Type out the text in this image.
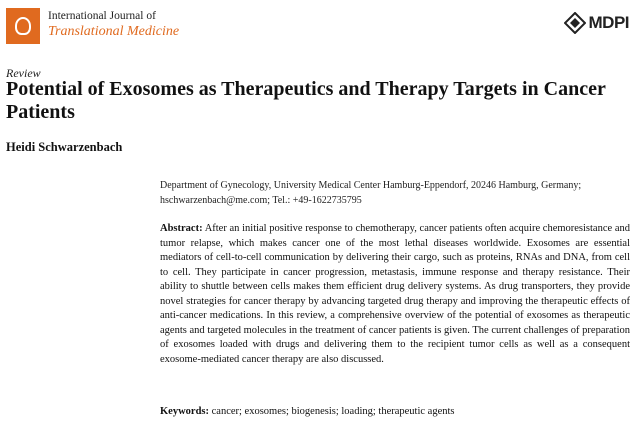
International Journal of
Translational Medicine	MDPI
Review
Potential of Exosomes as Therapeutics and Therapy Targets in Cancer Patients
Heidi Schwarzenbach
Department of Gynecology, University Medical Center Hamburg-Eppendorf, 20246 Hamburg, Germany;
hschwarzenbach@me.com; Tel.: +49-1622735795
Abstract: After an initial positive response to chemotherapy, cancer patients often acquire chemoresistance and tumor relapse, which makes cancer one of the most lethal diseases worldwide. Exosomes are essential mediators of cell-to-cell communication by delivering their cargo, such as proteins, RNAs and DNA, from cell to cell. They participate in cancer progression, metastasis, immune response and therapy resistance. Their ability to shuttle between cells makes them efficient drug delivery systems. As drug transporters, they provide novel strategies for cancer therapy by advancing targeted drug therapy and improving the therapeutic effects of anti-cancer medications. In this review, a comprehensive overview of the potential of exosomes as therapeutic agents and targeted molecules in the treatment of cancer patients is given. The current challenges of preparation of exosomes loaded with drugs and delivering them to the recipient tumor cells as well as a consequent exosome-mediated cancer therapy are also discussed.
Keywords: cancer; exosomes; biogenesis; loading; therapeutic agents
